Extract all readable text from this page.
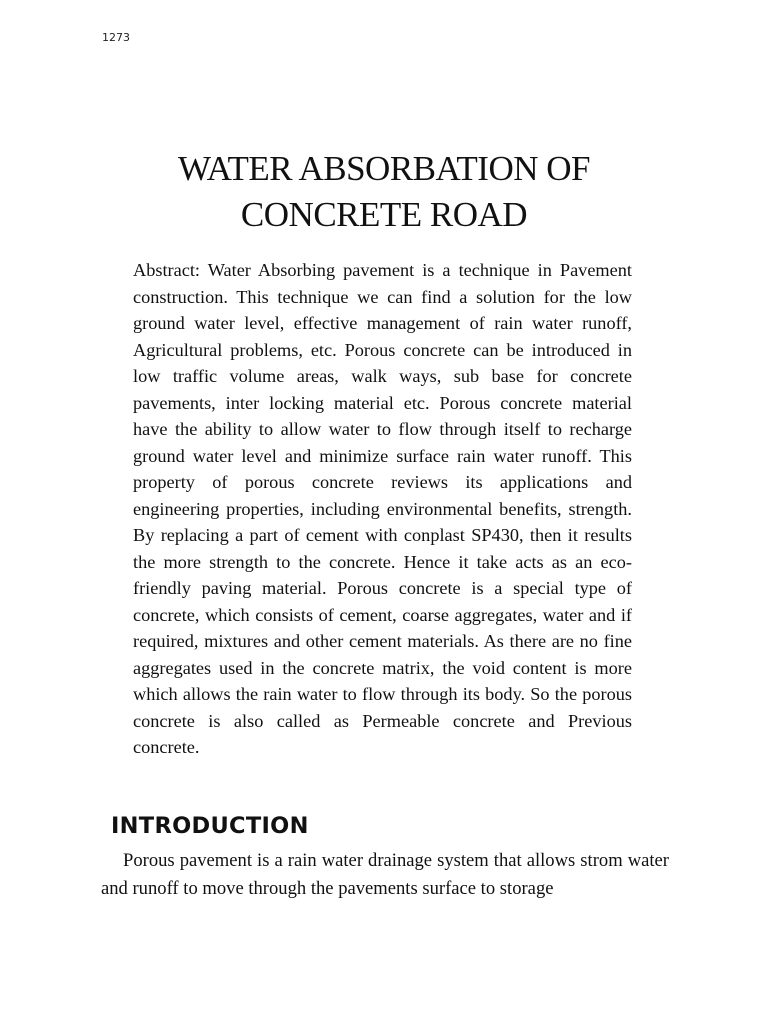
1273
WATER ABSORBATION OF
CONCRETE ROAD

Abstract: Water Absorbing pavement is a technique in Pavement construction. This technique we can find a solution for the low ground water level, effective management of rain water runoff, Agricultural problems, etc. Porous concrete can be introduced in low traffic volume areas, walk ways, sub base for concrete pavements, inter locking material etc. Porous concrete material have the ability to allow water to flow through itself to recharge ground water level and minimize surface rain water runoff. This property of porous concrete reviews its applications and engineering properties, including environmental benefits, strength. By replacing a part of cement with conplast SP430, then it results the more strength to the concrete. Hence it take acts as an eco-friendly paving material. Porous concrete is a special type of concrete, which consists of cement, coarse aggregates, water and if required, mixtures and other cement materials. As there are no fine aggregates used in the concrete matrix, the void content is more which allows the rain water to flow through its body. So the porous concrete is also called as Permeable concrete and Previous concrete.

INTRODUCTION

Porous pavement is a rain water drainage system that allows strom water and runoff to move through the pavements surface to storage
